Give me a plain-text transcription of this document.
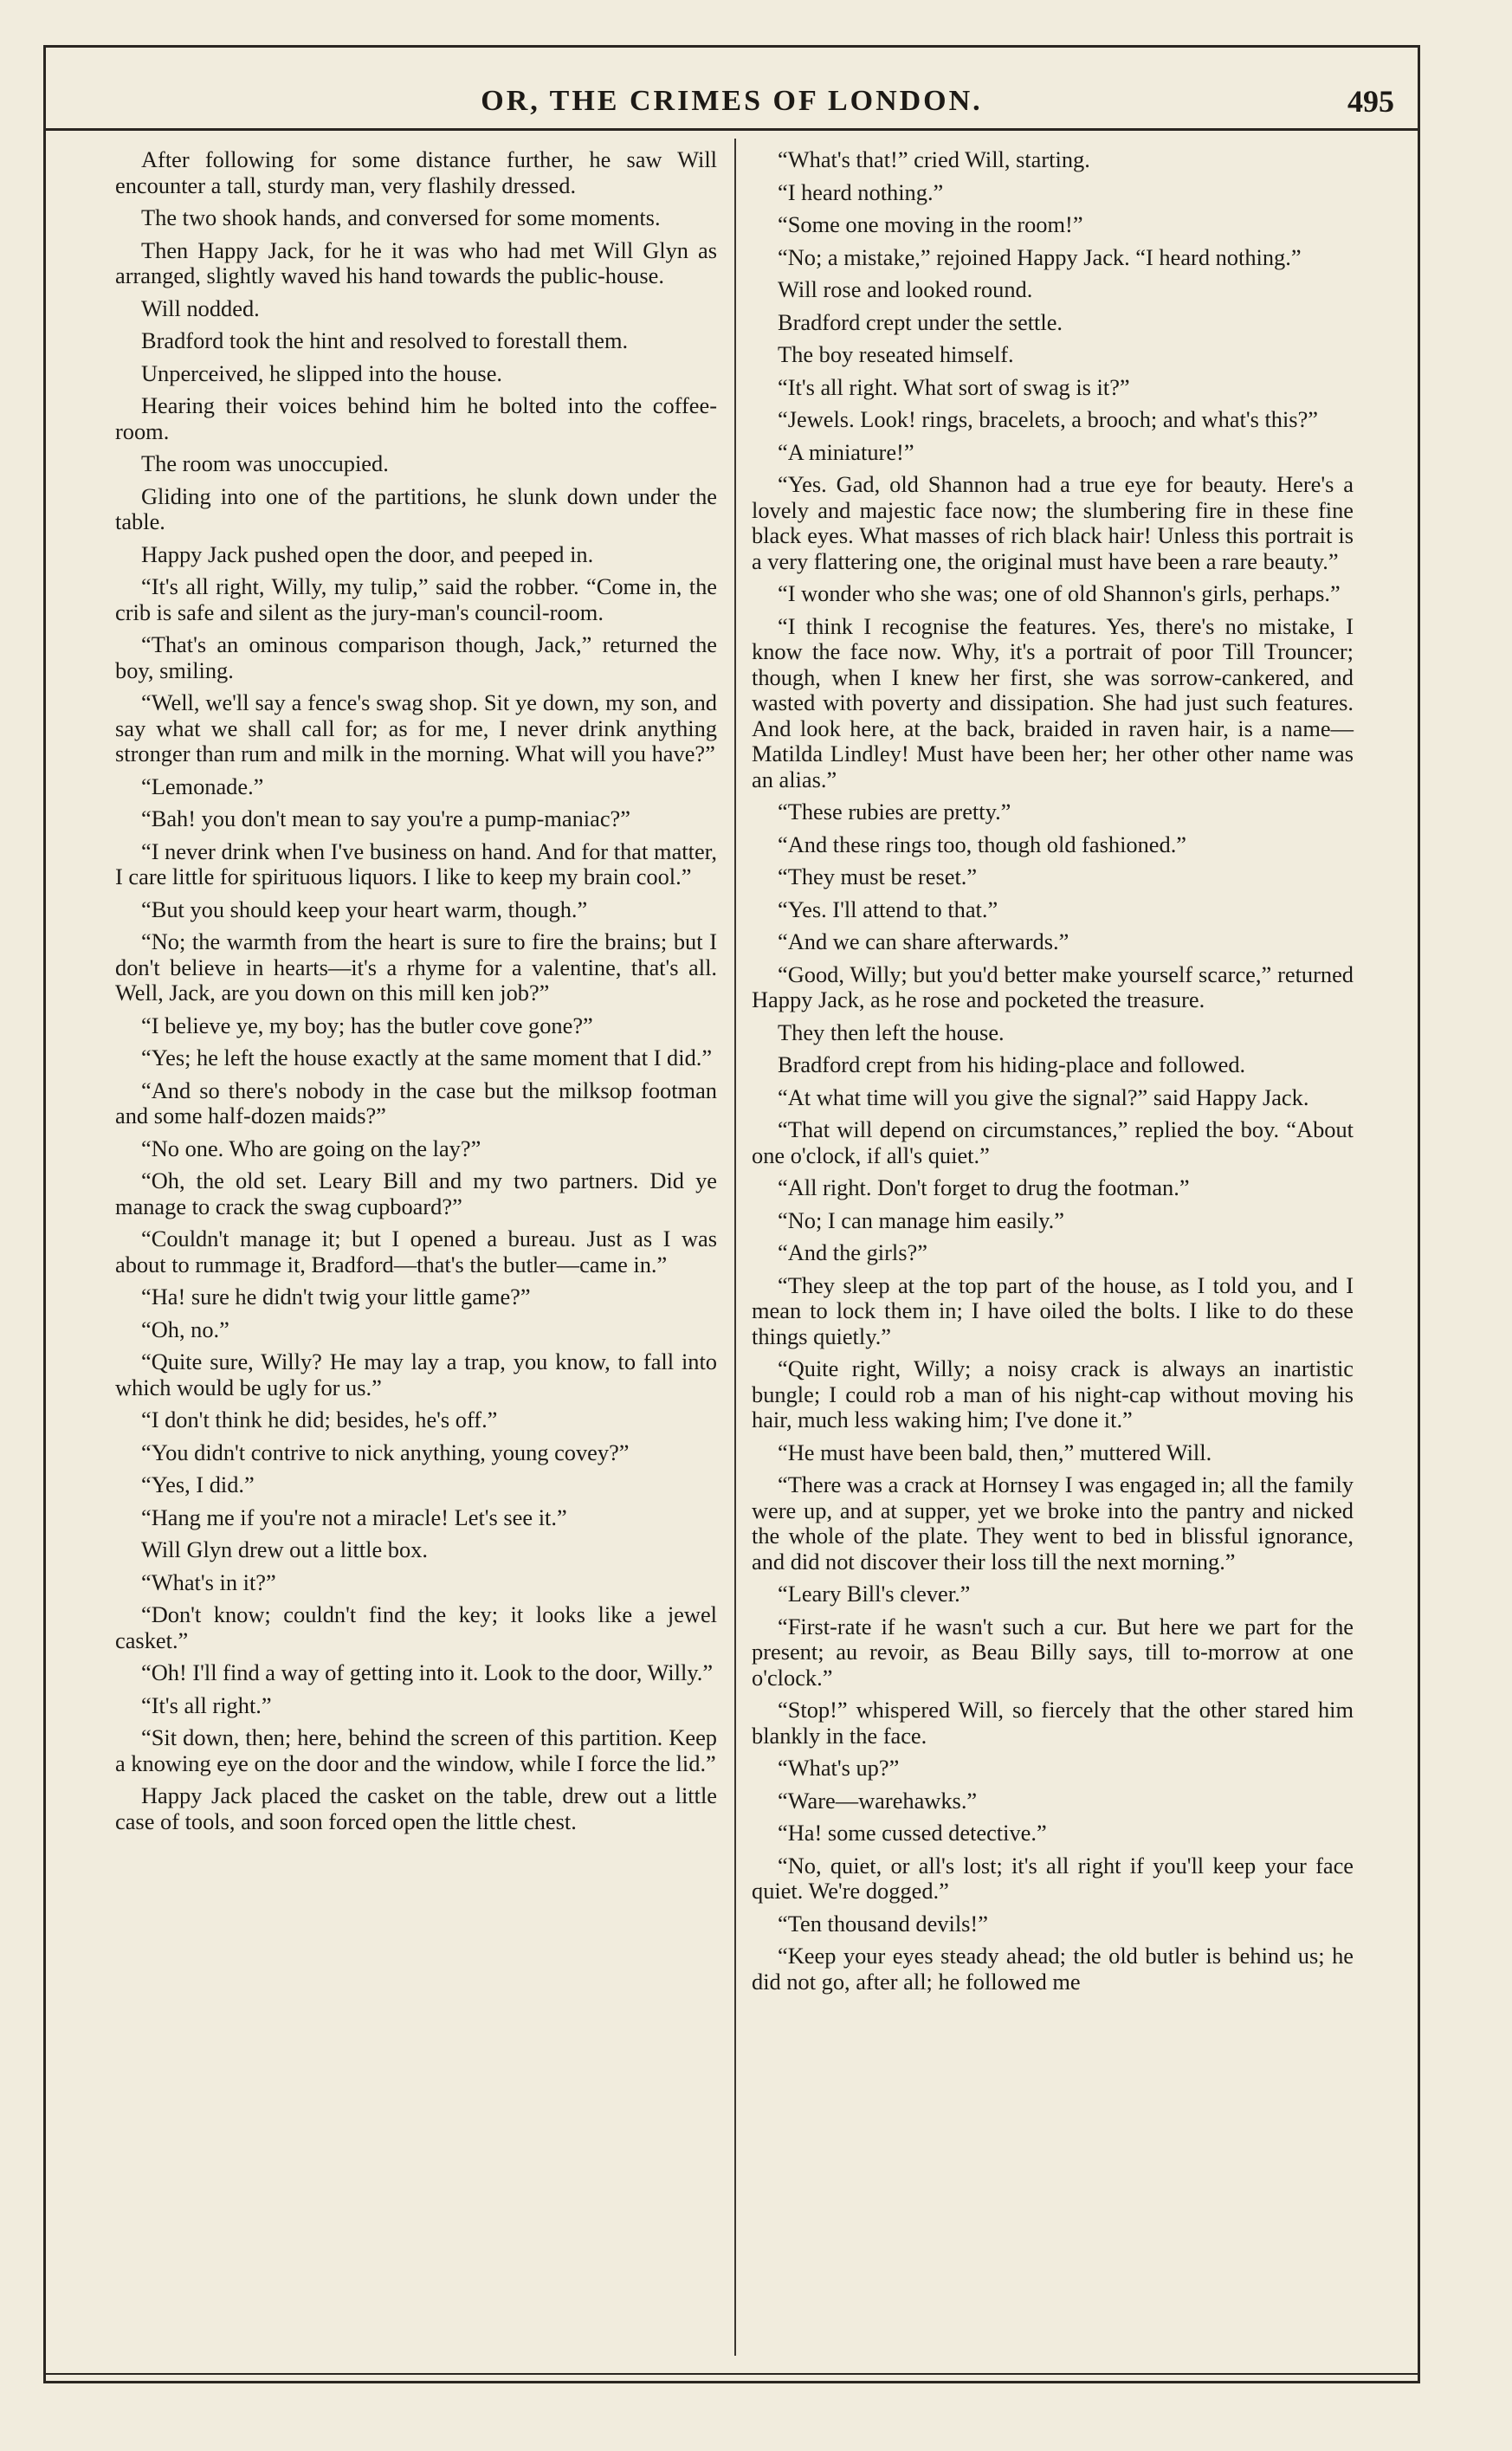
OR, THE CRIMES OF LONDON.	495

After following for some distance further, he saw Will encounter a tall, sturdy man, very flashily dressed.

The two shook hands, and conversed for some moments.

Then Happy Jack, for he it was who had met Will Glyn as arranged, slightly waved his hand towards the public-house.

Will nodded.

Bradford took the hint and resolved to forestall them.

Unperceived, he slipped into the house.

Hearing their voices behind him he bolted into the coffee-room.

The room was unoccupied.

Gliding into one of the partitions, he slunk down under the table.

Happy Jack pushed open the door, and peeped in.

“It's all right, Willy, my tulip,” said the robber. “Come in, the crib is safe and silent as the jury-man's council-room.

“That's an ominous comparison though, Jack,” returned the boy, smiling.

“Well, we'll say a fence's swag shop. Sit ye down, my son, and say what we shall call for; as for me, I never drink anything stronger than rum and milk in the morning. What will you have?”

“Lemonade.”

“Bah! you don't mean to say you're a pump-maniac?”

“I never drink when I've business on hand. And for that matter, I care little for spirituous liquors. I like to keep my brain cool.”

“But you should keep your heart warm, though.”

“No; the warmth from the heart is sure to fire the brains; but I don't believe in hearts—it's a rhyme for a valentine, that's all. Well, Jack, are you down on this mill ken job?”

“I believe ye, my boy; has the butler cove gone?”

“Yes; he left the house exactly at the same moment that I did.”

“And so there's nobody in the case but the milksop footman and some half-dozen maids?”

“No one. Who are going on the lay?”

“Oh, the old set. Leary Bill and my two partners. Did ye manage to crack the swag cupboard?”

“Couldn't manage it; but I opened a bureau. Just as I was about to rummage it, Bradford—that's the butler—came in.”

“Ha! sure he didn't twig your little game?”

“Oh, no.”

“Quite sure, Willy? He may lay a trap, you know, to fall into which would be ugly for us.”

“I don't think he did; besides, he's off.”

“You didn't contrive to nick anything, young covey?”

“Yes, I did.”

“Hang me if you're not a miracle! Let's see it.”

Will Glyn drew out a little box.

“What's in it?”

“Don't know; couldn't find the key; it looks like a jewel casket.”

“Oh! I'll find a way of getting into it. Look to the door, Willy.”

“It's all right.”

“Sit down, then; here, behind the screen of this partition. Keep a knowing eye on the door and the window, while I force the lid.”

Happy Jack placed the casket on the table, drew out a little case of tools, and soon forced open the little chest.

“What's that!” cried Will, starting.

“I heard nothing.”

“Some one moving in the room!”

“No; a mistake,” rejoined Happy Jack. “I heard nothing.”

Will rose and looked round.

Bradford crept under the settle.

The boy reseated himself.

“It's all right. What sort of swag is it?”

“Jewels. Look! rings, bracelets, a brooch; and what's this?”

“A miniature!”

“Yes. Gad, old Shannon had a true eye for beauty. Here's a lovely and majestic face now; the slumbering fire in these fine black eyes. What masses of rich black hair! Unless this portrait is a very flattering one, the original must have been a rare beauty.”

“I wonder who she was; one of old Shannon's girls, perhaps.”

“I think I recognise the features. Yes, there's no mistake, I know the face now. Why, it's a portrait of poor Till Trouncer; though, when I knew her first, she was sorrow-cankered, and wasted with poverty and dissipation. She had just such features. And look here, at the back, braided in raven hair, is a name—Matilda Lindley! Must have been her; her other other name was an alias.”

“These rubies are pretty.”

“And these rings too, though old fashioned.”

“They must be reset.”

“Yes. I'll attend to that.”

“And we can share afterwards.”

“Good, Willy; but you'd better make yourself scarce,” returned Happy Jack, as he rose and pocketed the treasure.

They then left the house.

Bradford crept from his hiding-place and followed.

“At what time will you give the signal?” said Happy Jack.

“That will depend on circumstances,” replied the boy. “About one o'clock, if all's quiet.”

“All right. Don't forget to drug the footman.”

“No; I can manage him easily.”

“And the girls?”

“They sleep at the top part of the house, as I told you, and I mean to lock them in; I have oiled the bolts. I like to do these things quietly.”

“Quite right, Willy; a noisy crack is always an inartistic bungle; I could rob a man of his night-cap without moving his hair, much less waking him; I've done it.”

“He must have been bald, then,” muttered Will.

“There was a crack at Hornsey I was engaged in; all the family were up, and at supper, yet we broke into the pantry and nicked the whole of the plate. They went to bed in blissful ignorance, and did not discover their loss till the next morning.”

“Leary Bill's clever.”

“First-rate if he wasn't such a cur. But here we part for the present; au revoir, as Beau Billy says, till to-morrow at one o'clock.”

“Stop!” whispered Will, so fiercely that the other stared him blankly in the face.

“What's up?”

“Ware—warehawks.”

“Ha! some cussed detective.”

“No, quiet, or all's lost; it's all right if you'll keep your face quiet. We're dogged.”

“Ten thousand devils!”

“Keep your eyes steady ahead; the old butler is behind us; he did not go, after all; he followed me
